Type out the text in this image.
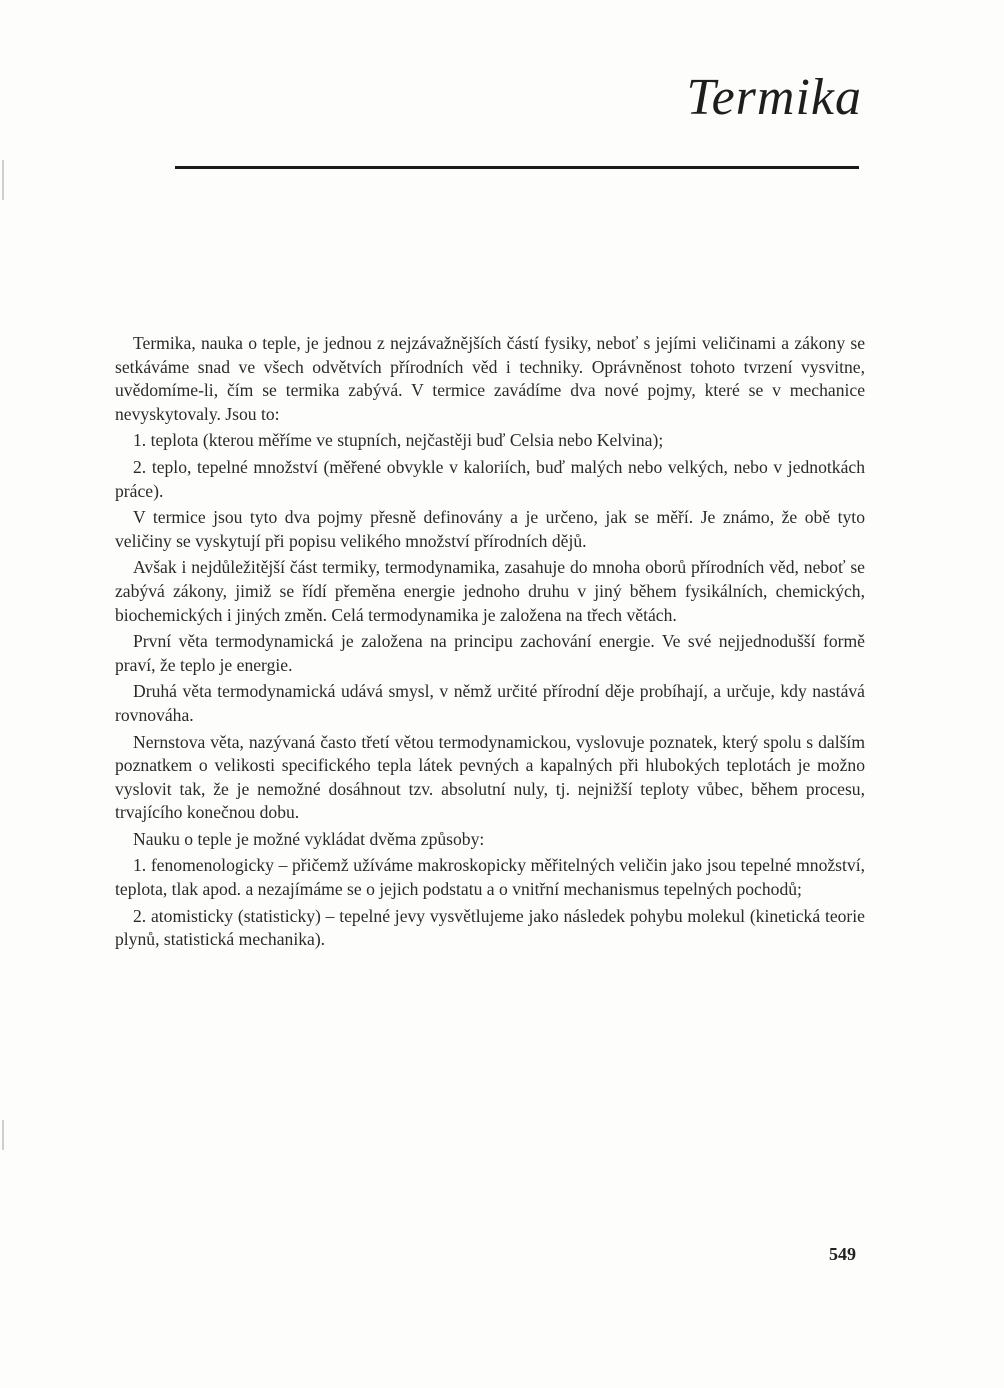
Termika

Termika, nauka o teple, je jednou z nejzávažnějších částí fysiky, neboť s jejími veličinami a zákony se setkáváme snad ve všech odvětvích přírodních věd i techniky. Oprávněnost tohoto tvrzení vysvitne, uvědomíme-li, čím se termika zabývá. V termice zavádíme dva nové pojmy, které se v mechanice nevyskytovaly. Jsou to:

1. teplota (kterou měříme ve stupních, nejčastěji buď Celsia nebo Kelvina);

2. teplo, tepelné množství (měřené obvykle v kaloriích, buď malých nebo velkých, nebo v jednotkách práce).

V termice jsou tyto dva pojmy přesně definovány a je určeno, jak se měří. Je známo, že obě tyto veličiny se vyskytují při popisu velikého množství přírodních dějů.

Avšak i nejdůležitější část termiky, termodynamika, zasahuje do mnoha oborů přírodních věd, neboť se zabývá zákony, jimiž se řídí přeměna energie jednoho druhu v jiný během fysikálních, chemických, biochemických i jiných změn. Celá termodynamika je založena na třech větách.

První věta termodynamická je založena na principu zachování energie. Ve své nejjednodušší formě praví, že teplo je energie.

Druhá věta termodynamická udává smysl, v němž určité přírodní děje probíhají, a určuje, kdy nastává rovnováha.

Nernstova věta, nazývaná často třetí větou termodynamickou, vyslovuje poznatek, který spolu s dalším poznatkem o velikosti specifického tepla látek pevných a kapalných při hlubokých teplotách je možno vyslovit tak, že je nemožné dosáhnout tzv. absolutní nuly, tj. nejnižší teploty vůbec, během procesu, trvajícího konečnou dobu.

Nauku o teple je možné vykládat dvěma způsoby:

1. fenomenologicky – přičemž užíváme makroskopicky měřitelných veličin jako jsou tepelné množství, teplota, tlak apod. a nezajímáme se o jejich podstatu a o vnitřní mechanismus tepelných pochodů;

2. atomisticky (statisticky) – tepelné jevy vysvětlujeme jako následek pohybu molekul (kinetická teorie plynů, statistická mechanika).

549
